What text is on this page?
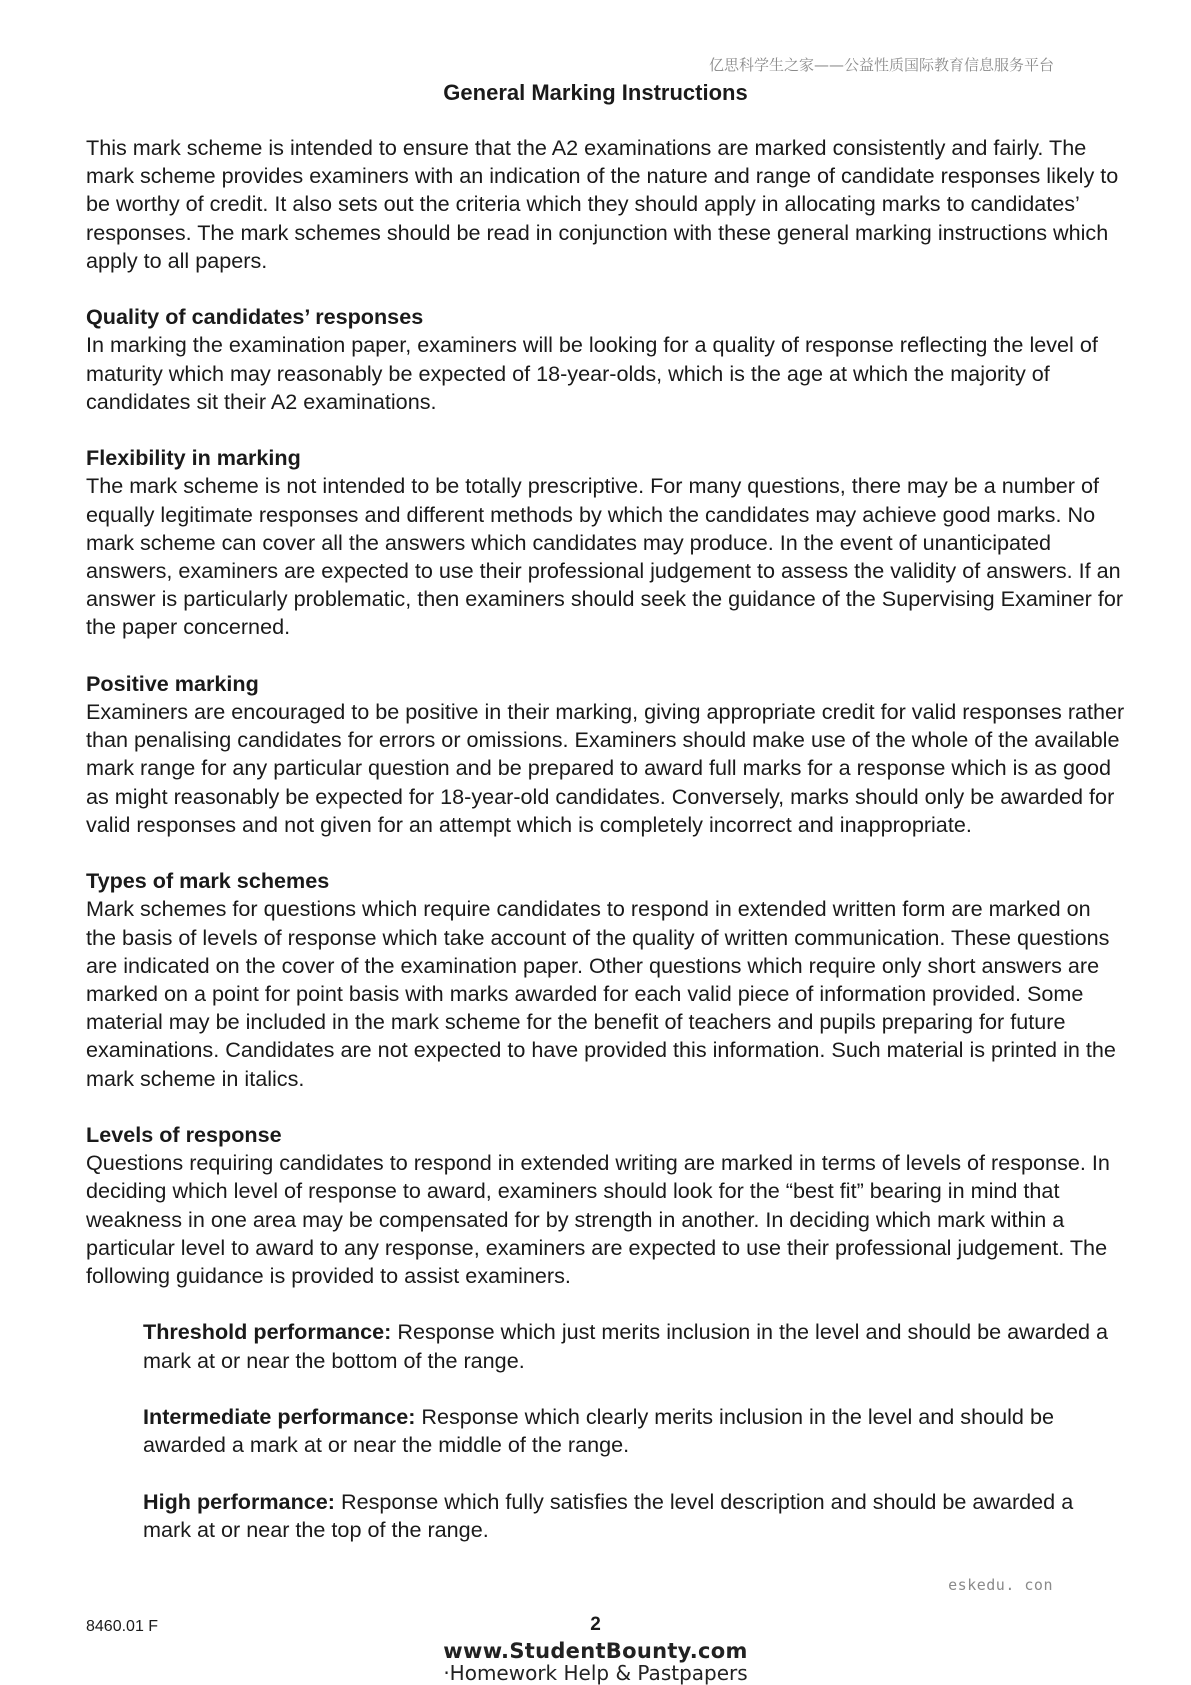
亿思科学生之家——公益性质国际教育信息服务平台
General Marking Instructions

This mark scheme is intended to ensure that the A2 examinations are marked consistently and fairly. The mark scheme provides examiners with an indication of the nature and range of candidate responses likely to be worthy of credit. It also sets out the criteria which they should apply in allocating marks to candidates’ responses. The mark schemes should be read in conjunction with these general marking instructions which apply to all papers.

Quality of candidates’ responses

In marking the examination paper, examiners will be looking for a quality of response reflecting the level of maturity which may reasonably be expected of 18-year-olds, which is the age at which the majority of candidates sit their A2 examinations.

Flexibility in marking

The mark scheme is not intended to be totally prescriptive. For many questions, there may be a number of equally legitimate responses and different methods by which the candidates may achieve good marks. No mark scheme can cover all the answers which candidates may produce. In the event of unanticipated answers, examiners are expected to use their professional judgement to assess the validity of answers. If an answer is particularly problematic, then examiners should seek the guidance of the Supervising Examiner for the paper concerned.

Positive marking

Examiners are encouraged to be positive in their marking, giving appropriate credit for valid responses rather than penalising candidates for errors or omissions. Examiners should make use of the whole of the available mark range for any particular question and be prepared to award full marks for a response which is as good as might reasonably be expected for 18-year-old candidates. Conversely, marks should only be awarded for valid responses and not given for an attempt which is completely incorrect and inappropriate.

Types of mark schemes

Mark schemes for questions which require candidates to respond in extended written form are marked on the basis of levels of response which take account of the quality of written communication. These questions are indicated on the cover of the examination paper. Other questions which require only short answers are marked on a point for point basis with marks awarded for each valid piece of information provided. Some material may be included in the mark scheme for the benefit of teachers and pupils preparing for future examinations. Candidates are not expected to have provided this information. Such material is printed in the mark scheme in italics.

Levels of response

Questions requiring candidates to respond in extended writing are marked in terms of levels of response. In deciding which level of response to award, examiners should look for the “best fit” bearing in mind that weakness in one area may be compensated for by strength in another. In deciding which mark within a particular level to award to any response, examiners are expected to use their professional judgement. The following guidance is provided to assist examiners.

Threshold performance: Response which just merits inclusion in the level and should be awarded a mark at or near the bottom of the range.
Intermediate performance: Response which clearly merits inclusion in the level and should be awarded a mark at or near the middle of the range.
High performance: Response which fully satisfies the level description and should be awarded a mark at or near the top of the range.
eskedu. con
8460.01 F	2
www.StudentBounty.com
·Homework Help & Pastpapers
